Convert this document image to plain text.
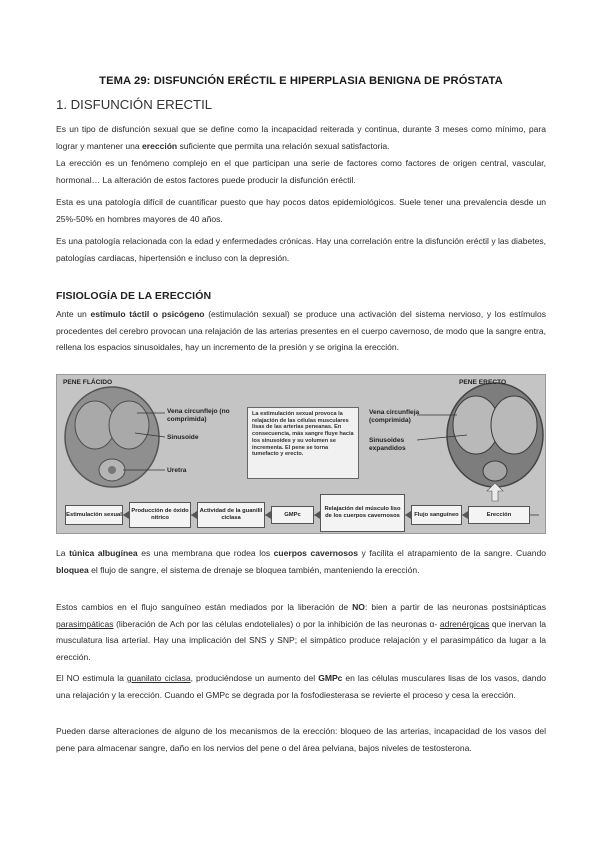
TEMA 29: DISFUNCIÓN ERÉCTIL E HIPERPLASIA BENIGNA DE PRÓSTATA
1. DISFUNCIÓN ERECTIL

Es un tipo de disfunción sexual que se define como la incapacidad reiterada y continua, durante 3 meses como mínimo, para lograr y mantener una erección suficiente que permita una relación sexual satisfactoria.

La erección es un fenómeno complejo en el que participan una serie de factores como factores de origen central, vascular, hormonal… La alteración de estos factores puede producir la disfunción eréctil.

Esta es una patología difícil de cuantificar puesto que hay pocos datos epidemiológicos. Suele tener una prevalencia desde un 25%-50% en hombres mayores de 40 años.

Es una patología relacionada con la edad y enfermedades crónicas. Hay una correlación entre la disfunción eréctil y las diabetes, patologías cardiacas, hipertensión e incluso con la depresión.

FISIOLOGÍA DE LA ERECCIÓN

Ante un estímulo táctil o psicógeno (estimulación sexual) se produce una activación del sistema nervioso, y los estímulos procedentes del cerebro provocan una relajación de las arterias presentes en el cuerpo cavernoso, de modo que la sangre entra, rellena los espacios sinusoidales, hay un incremento de la presión y se origina la erección.

PENE FLÁCIDO	PENE ERECTO
Vena circunflejo (no comprimida)
Sinusoide
Uretra
Vena circunfleja (comprimida)
Sinusoides expandidos
La estimulación sexual provoca la relajación de las células musculares lisas de las arterias peneanas. En consecuencia, más sangre fluye hacia los sinusoides y su volumen se incrementa. El pene se torna tumefacto y erecto.
Estimulación sexual
Producción de óxido nítrico
Actividad de la guanilil ciclasa
GMPc
Relajación del músculo liso de los cuerpos cavernosos	Flujo sanguíneo	Erección

La túnica albugínea es una membrana que rodea los cuerpos cavernosos y facilita el atrapamiento de la sangre. Cuando bloquea el flujo de sangre, el sistema de drenaje se bloquea también, manteniendo la erección.

Estos cambios en el flujo sanguíneo están mediados por la liberación de NO: bien a partir de las neuronas postsinápticas parasimpáticas (liberación de Ach por las células endoteliales) o por la inhibición de las neuronas α- adrenérgicas que inervan la musculatura lisa arterial. Hay una implicación del SNS y SNP; el simpático produce relajación y el parasimpático da lugar a la erección.

El NO estimula la guanilato ciclasa, produciéndose un aumento del GMPc en las células musculares lisas de los vasos, dando una relajación y la erección. Cuando el GMPc se degrada por la fosfodiesterasa se revierte el proceso y cesa la erección.

Pueden darse alteraciones de alguno de los mecanismos de la erección: bloqueo de las arterias, incapacidad de los vasos del pene para almacenar sangre, daño en los nervios del pene o del área pelviana, bajos niveles de testosterona.
